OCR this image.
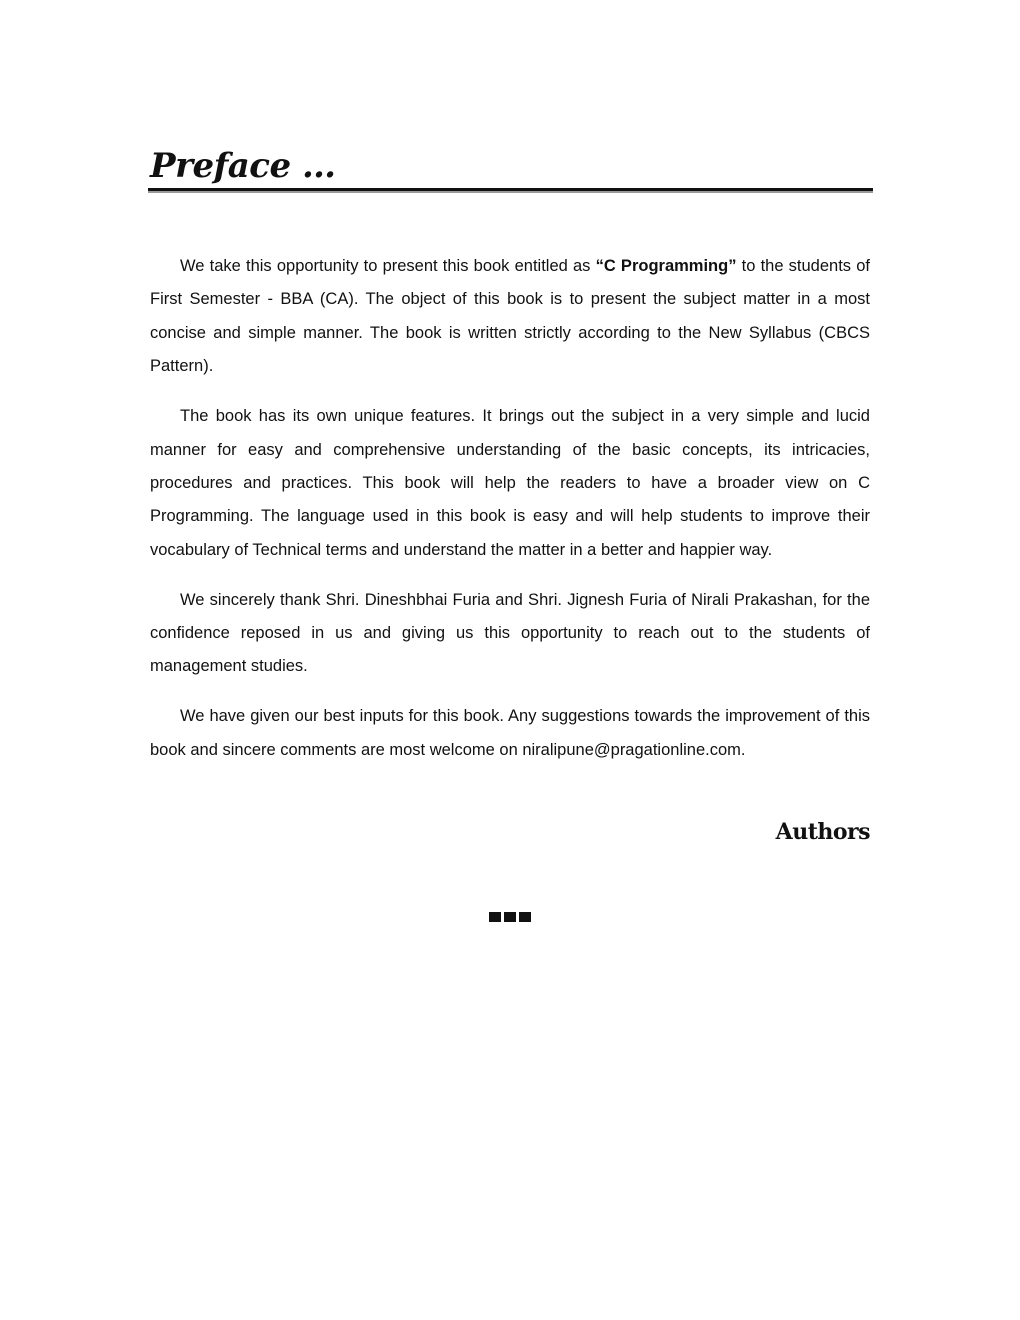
Preface …

We take this opportunity to present this book entitled as “C Programming” to the students of First Semester - BBA (CA). The object of this book is to present the subject matter in a most concise and simple manner. The book is written strictly according to the New Syllabus (CBCS Pattern).

The book has its own unique features. It brings out the subject in a very simple and lucid manner for easy and comprehensive understanding of the basic concepts, its intricacies, procedures and practices. This book will help the readers to have a broader view on C Programming. The language used in this book is easy and will help students to improve their vocabulary of Technical terms and understand the matter in a better and happier way.

We sincerely thank Shri. Dineshbhai Furia and Shri. Jignesh Furia of Nirali Prakashan, for the confidence reposed in us and giving us this opportunity to reach out to the students of management studies.

We have given our best inputs for this book. Any suggestions towards the improvement of this book and sincere comments are most welcome on niralipune@pragationline.com.

Authors
